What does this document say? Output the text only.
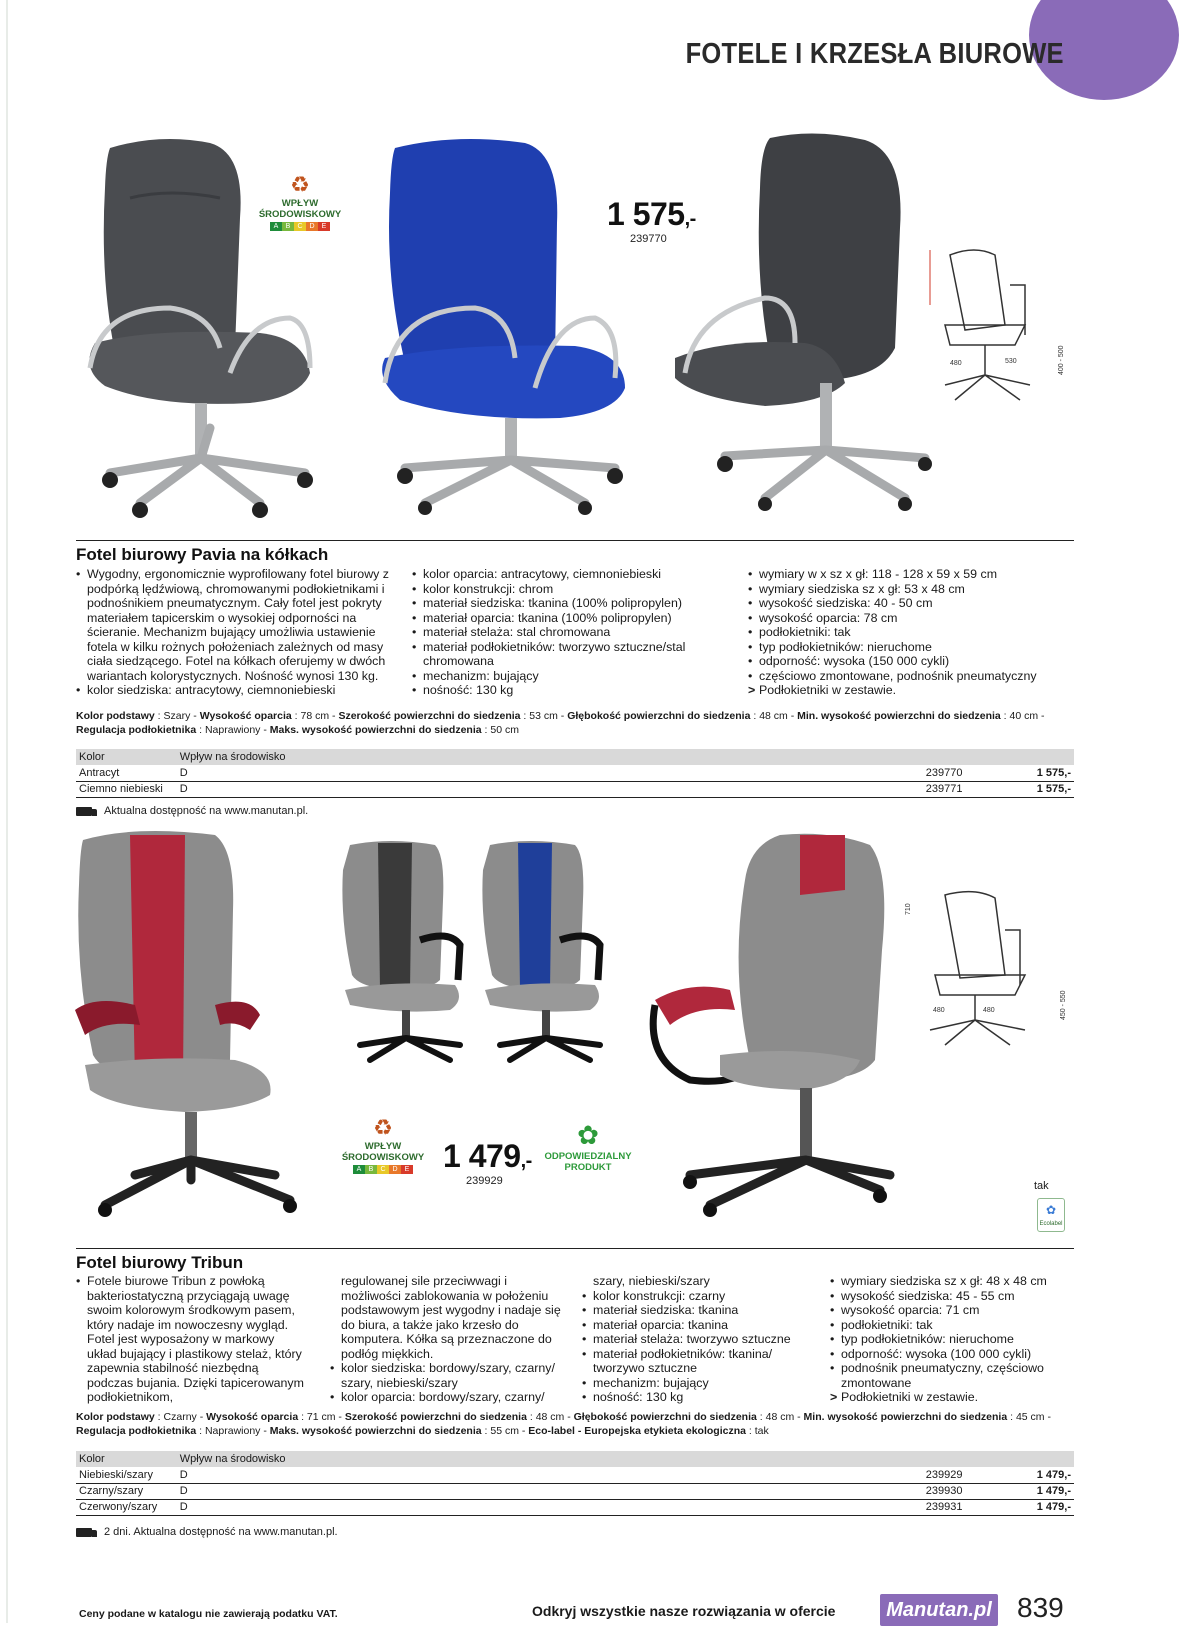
FOTELE I KRZESŁA BIUROWE
♻
WPŁYW
ŚRODOWISKOWY
A	B	C D	E	1 575,-
239770
480	530	400 - 500
Fotel biurowy Pavia na kółkach
• Wygodny, ergonomicznie wyprofilowany fotel biurowy z podpórką lędźwiową, chromowanymi podłokietnikami i podnośnikiem pneumatycznym. Cały fotel jest pokryty materiałem tapicerskim o wysokiej odporności na ścieranie. Mechanizm bujający umożliwia ustawienie fotela w kilku rożnych położeniach zależnych od masy ciała siedzącego. Fotel na kółkach oferujemy w dwóch wariantach kolorystycznych. Nośność wynosi 130 kg.
• kolor siedziska: antracytowy, ciemnoniebieski
• kolor oparcia: antracytowy, ciemnoniebieski
• kolor konstrukcji: chrom
• materiał siedziska: tkanina (100% polipropylen)
• materiał oparcia: tkanina (100% polipropylen)
• materiał stelaża: stal chromowana
• materiał podłokietników: tworzywo sztuczne/stal chromowana
• mechanizm: bujający
• nośność: 130 kg
• wymiary w x sz x gł: 118 - 128 x 59 x 59 cm
• wymiary siedziska sz x gł: 53 x 48 cm
• wysokość siedziska: 40 - 50 cm
• wysokość oparcia: 78 cm
• podłokietniki: tak
• typ podłokietników: nieruchome
• odporność: wysoka (150 000 cykli)
• częściowo zmontowane, podnośnik pneumatyczny
> Podłokietniki w zestawie.
Kolor podstawy : Szary - Wysokość oparcia : 78 cm - Szerokość powierzchni do siedzenia : 53 cm - Głębokość powierzchni do siedzenia : 48 cm - Min. wysokość powierzchni do siedzenia : 40 cm - Regulacja podłokietnika : Naprawiony - Maks. wysokość powierzchni do siedzenia : 50 cm
Kolor	Wpływ na środowisko		
Antracyt	D	239770	1 575,-
Ciemno niebieski	D	239771	1 575,-
Aktualna dostępność na www.manutan.pl.
710
480	480	450 - 550
♻
WPŁYW
ŚRODOWISKOWY
A	B	C D	E 1 479,-
239929
✿
ODPOWIEDZIALNY
PRODUKT
tak
✿
Ecolabel
Fotel biurowy Tribun
• Fotele biurowe Tribun z powłoką bakteriostatyczną przyciągają uwagę swoim kolorowym środkowym pasem, który nadaje im nowoczesny wygląd. Fotel jest wyposażony w markowy układ bujający i plastikowy stelaż, który zapewnia stabilność niezbędną podczas bujania. Dzięki tapicerowanym podłokietnikom,
regulowanej sile przeciwwagi i możliwości zablokowania w położeniu podstawowym jest wygodny i nadaje się do biura, a także jako krzesło do komputera. Kółka są przeznaczone do podłóg miękkich.
• kolor siedziska: bordowy/szary, czarny/ szary, niebieski/szary
• kolor oparcia: bordowy/szary, czarny/
szary, niebieski/szary
• kolor konstrukcji: czarny
• materiał siedziska: tkanina
• materiał oparcia: tkanina
• materiał stelaża: tworzywo sztuczne
• materiał podłokietników: tkanina/ tworzywo sztuczne
• mechanizm: bujający
• nośność: 130 kg
• wymiary siedziska sz x gł: 48 x 48 cm
• wysokość siedziska: 45 - 55 cm
• wysokość oparcia: 71 cm
• podłokietniki: tak
• typ podłokietników: nieruchome
• odporność: wysoka (100 000 cykli)
• podnośnik pneumatyczny, częściowo zmontowane
> Podłokietniki w zestawie.
Kolor podstawy : Czarny - Wysokość oparcia : 71 cm - Szerokość powierzchni do siedzenia : 48 cm - Głębokość powierzchni do siedzenia : 48 cm - Min. wysokość powierzchni do siedzenia : 45 cm - Regulacja podłokietnika : Naprawiony - Maks. wysokość powierzchni do siedzenia : 55 cm - Eco-label - Europejska etykieta ekologiczna : tak
Kolor	Wpływ na środowisko		
Niebieski/szary	D	239929	1 479,-
Czarny/szary	D	239930	1 479,-
Czerwony/szary	D	239931	1 479,-
2 dni. Aktualna dostępność na www.manutan.pl.
Ceny podane w katalogu nie zawierają podatku VAT.	Odkryj wszystkie nasze rozwiązania w ofercie	Manutan.pl 839
